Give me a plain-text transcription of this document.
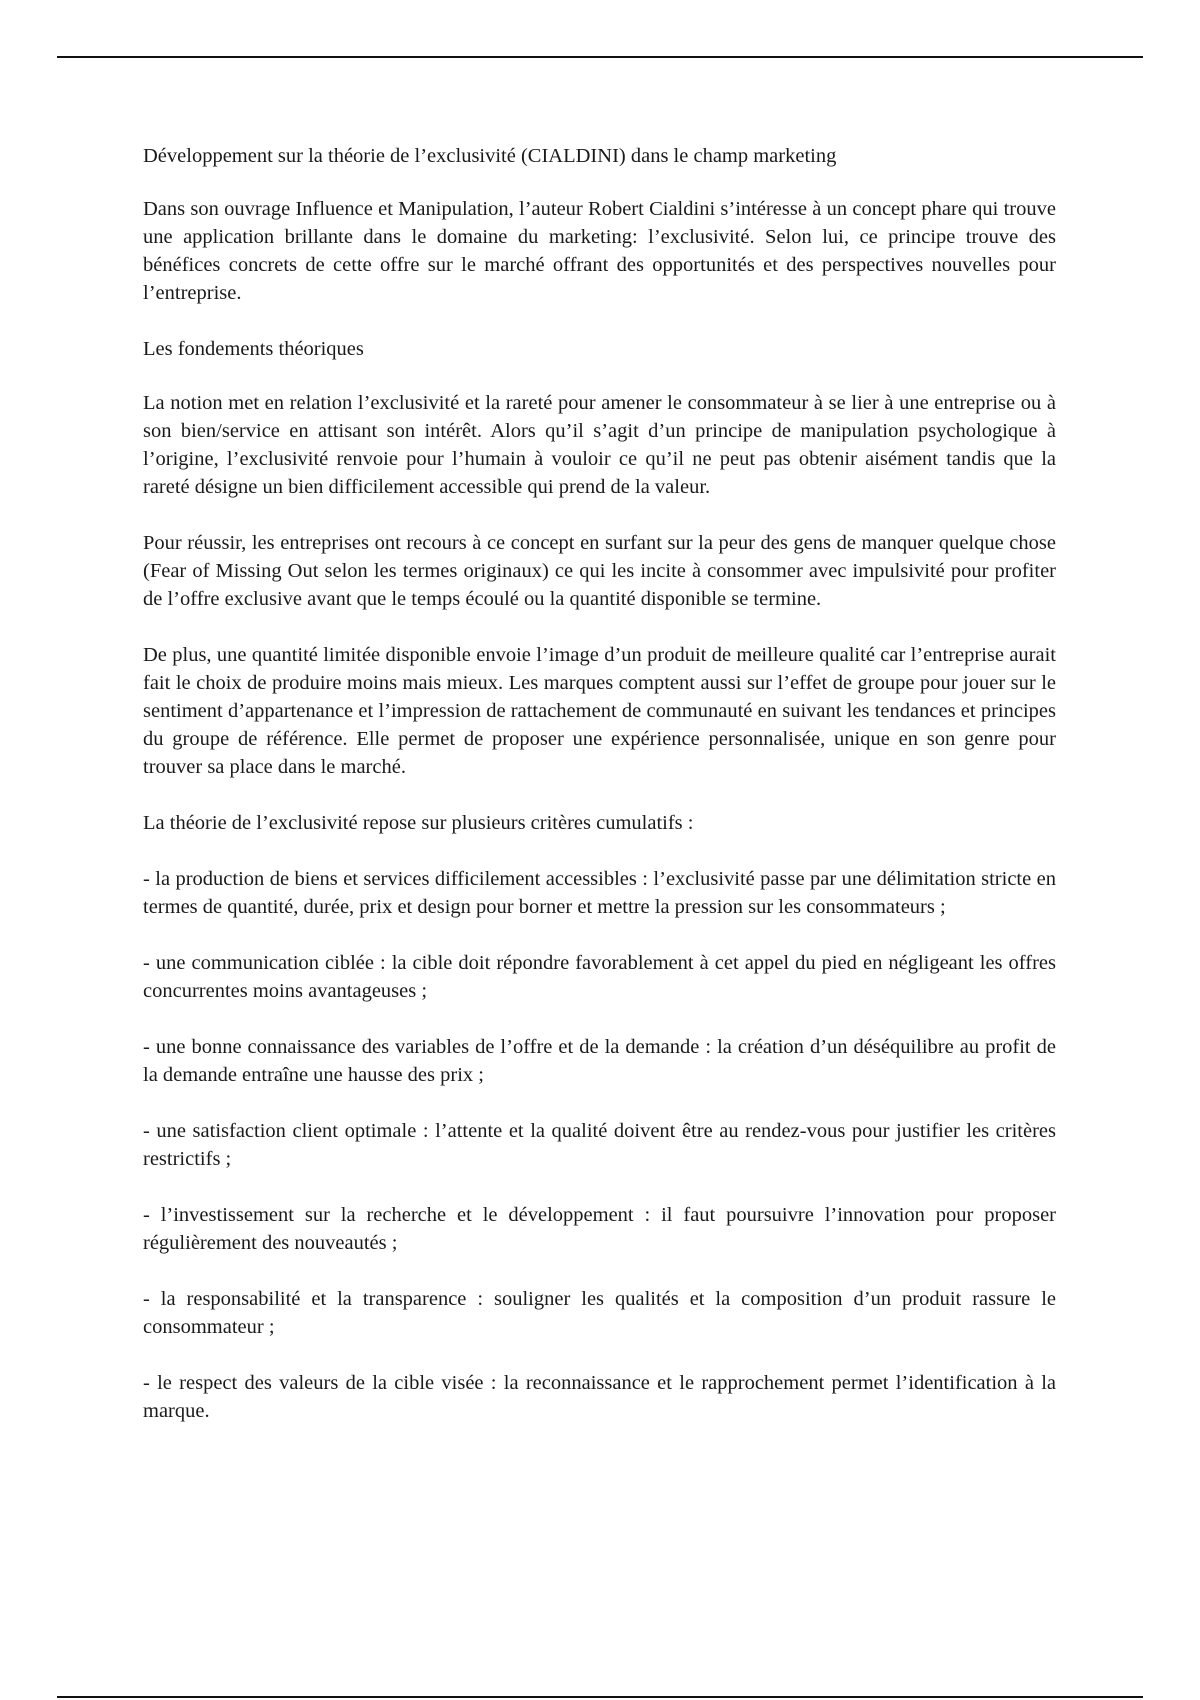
Développement sur la théorie de l’exclusivité (CIALDINI) dans le champ marketing

Dans son ouvrage Influence et Manipulation, l’auteur Robert Cialdini s’intéresse à un concept phare qui trouve une application brillante dans le domaine du marketing: l’exclusivité. Selon lui, ce principe trouve des bénéfices concrets de cette offre sur le marché offrant des opportunités et des perspectives nouvelles pour l’entreprise.

Les fondements théoriques

La notion met en relation l’exclusivité et la rareté pour amener le consommateur à se lier à une entreprise ou à son bien/service en attisant son intérêt. Alors qu’il s’agit d’un principe de manipulation psychologique à l’origine, l’exclusivité renvoie pour l’humain à vouloir ce qu’il ne peut pas obtenir aisément tandis que la rareté désigne un bien difficilement accessible qui prend de la valeur.

Pour réussir, les entreprises ont recours à ce concept en surfant sur la peur des gens de manquer quelque chose (Fear of Missing Out selon les termes originaux) ce qui les incite à consommer avec impulsivité pour profiter de l’offre exclusive avant que le temps écoulé ou la quantité disponible se termine.

De plus, une quantité limitée disponible envoie l’image d’un produit de meilleure qualité car l’entreprise aurait fait le choix de produire moins mais mieux. Les marques comptent aussi sur l’effet de groupe pour jouer sur le sentiment d’appartenance et l’impression de rattachement de communauté en suivant les tendances et principes du groupe de référence. Elle permet de proposer une expérience personnalisée, unique en son genre pour trouver sa place dans le marché.

La théorie de l’exclusivité repose sur plusieurs critères cumulatifs :

- la production de biens et services difficilement accessibles : l’exclusivité passe par une délimitation stricte en termes de quantité, durée, prix et design pour borner et mettre la pression sur les consommateurs ;

- une communication ciblée : la cible doit répondre favorablement à cet appel du pied en négligeant les offres concurrentes moins avantageuses ;

- une bonne connaissance des variables de l’offre et de la demande : la création d’un déséquilibre au profit de la demande entraîne une hausse des prix ;

- une satisfaction client optimale : l’attente et la qualité doivent être au rendez-vous pour justifier les critères restrictifs ;

- l’investissement sur la recherche et le développement : il faut poursuivre l’innovation pour proposer régulièrement des nouveautés ;

- la responsabilité et la transparence : souligner les qualités et la composition d’un produit rassure le consommateur ;

- le respect des valeurs de la cible visée : la reconnaissance et le rapprochement permet l’identification à la marque.
